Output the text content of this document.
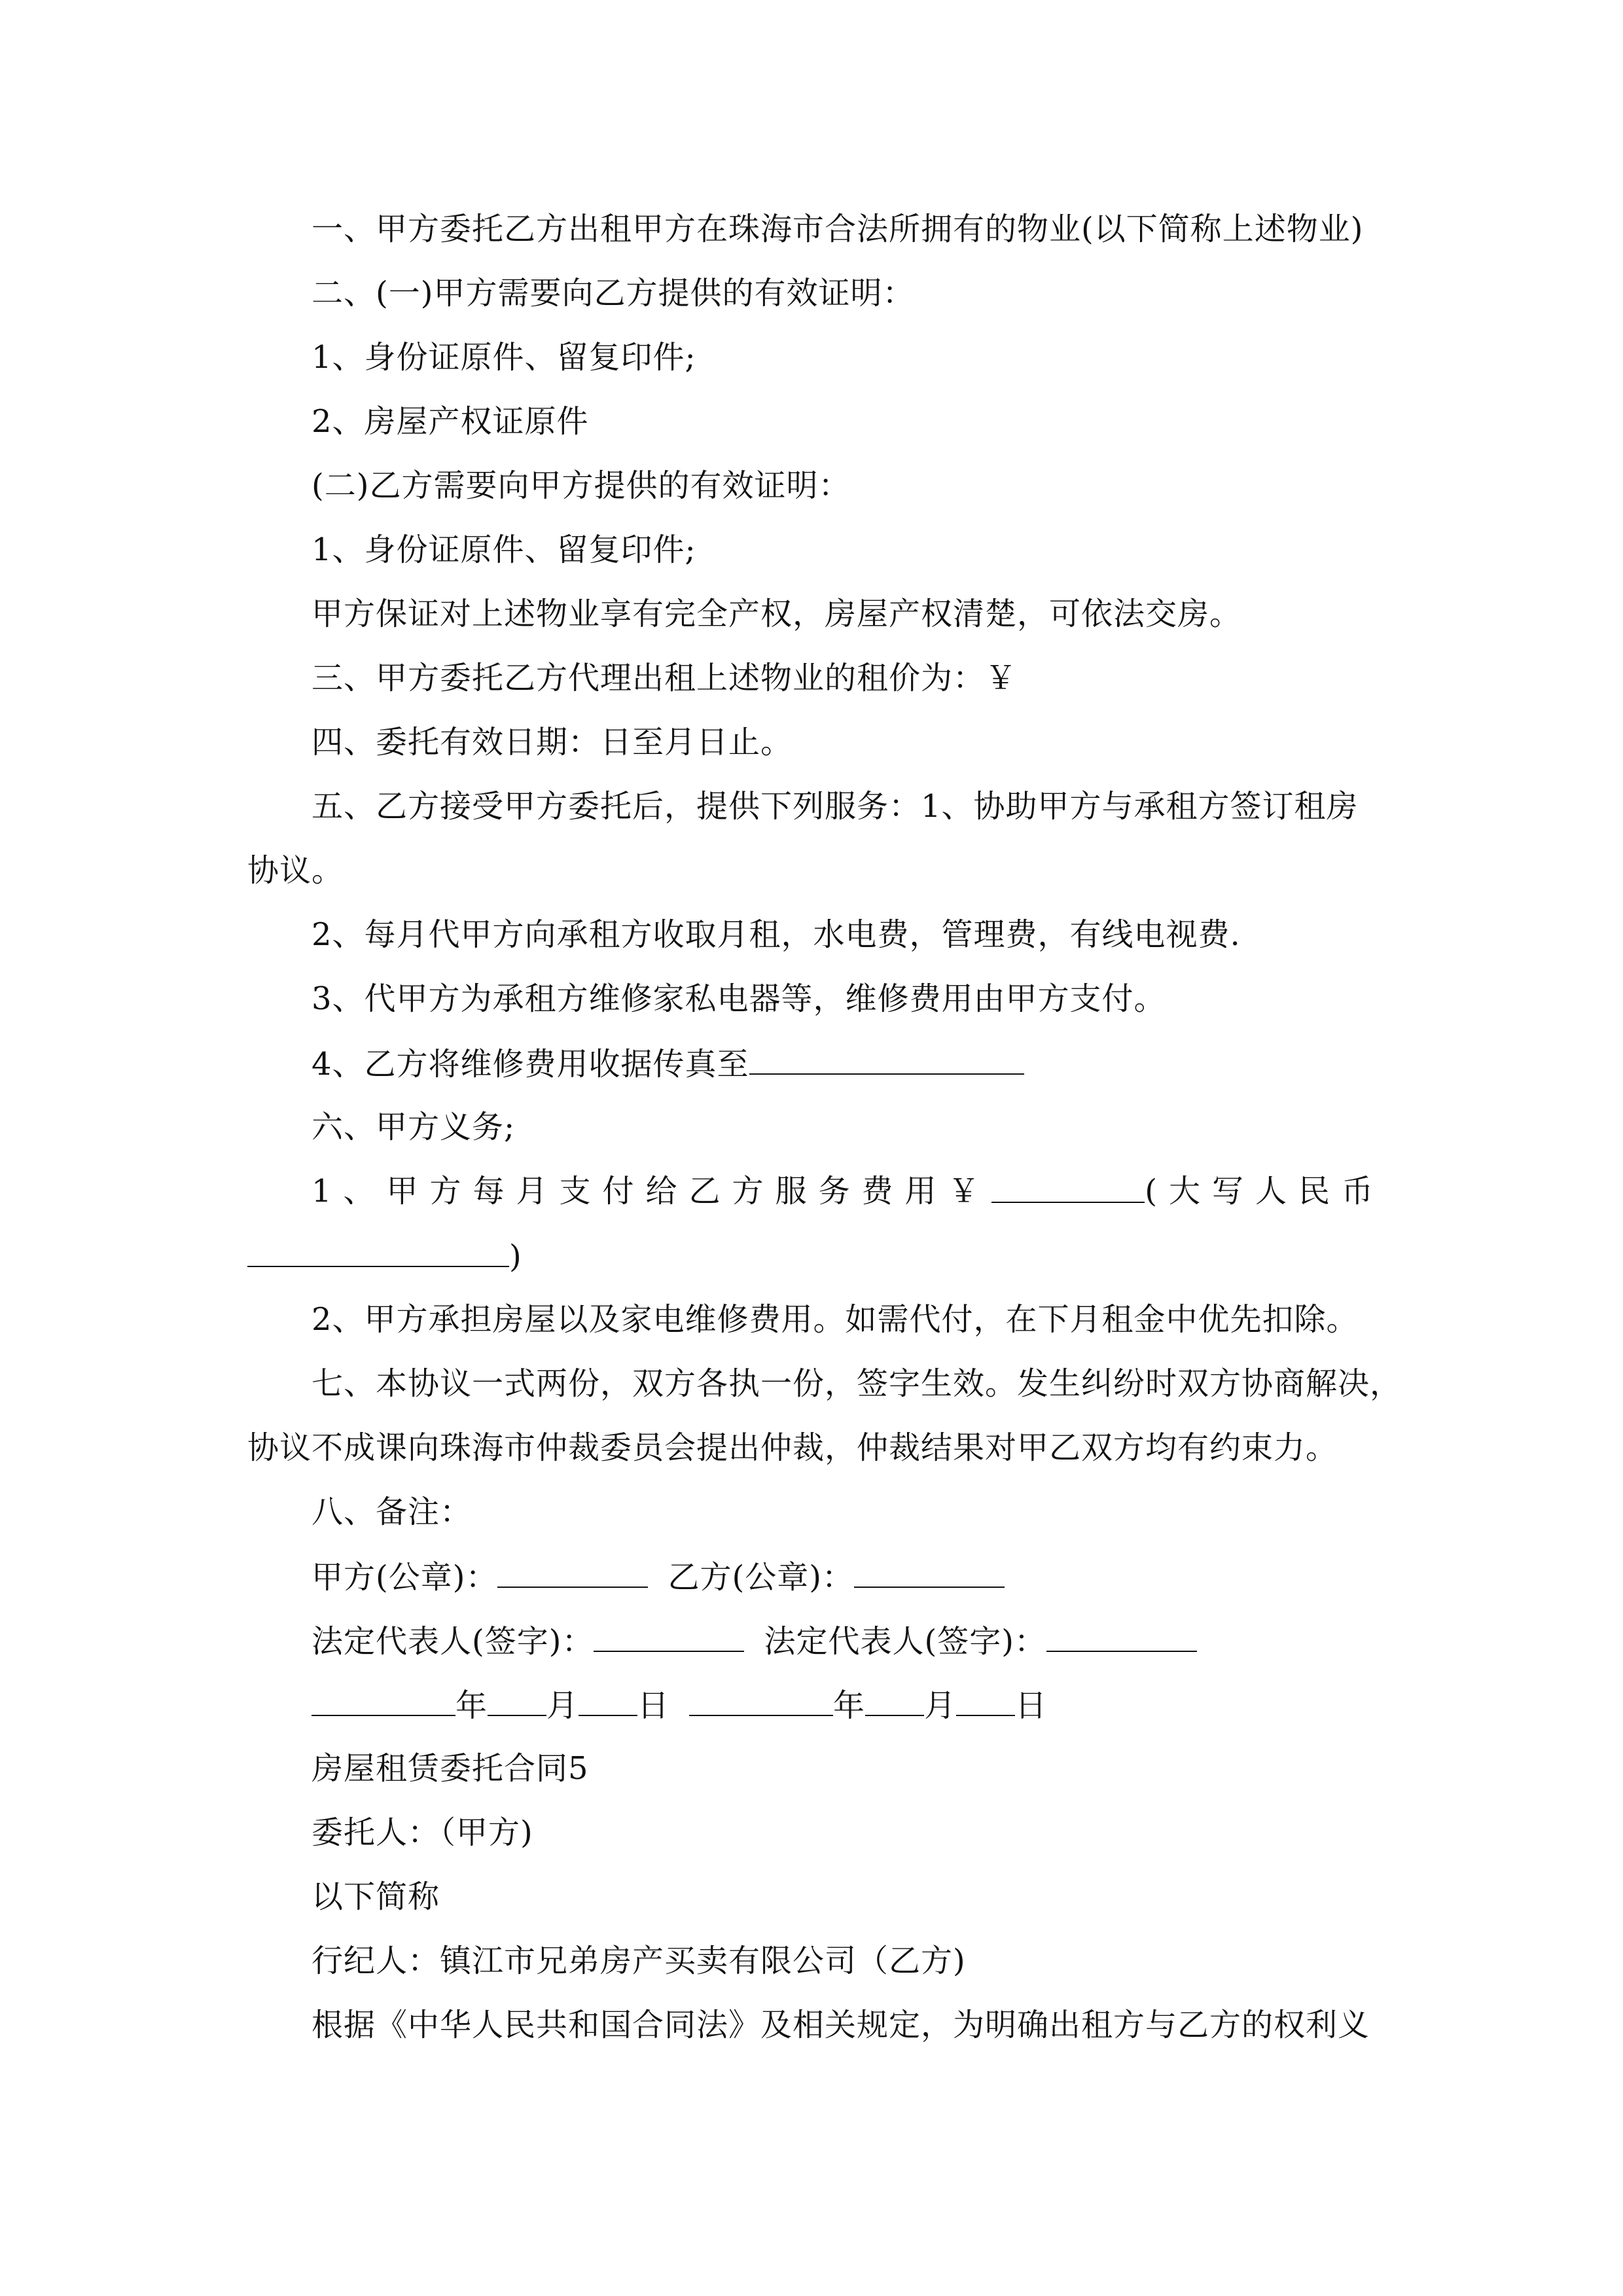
一、甲方委托乙方出租甲方在珠海市合法所拥有的物业(以下简称上述物业)
二、(一)甲方需要向乙方提供的有效证明：
1、身份证原件、留复印件;
2、房屋产权证原件
(二)乙方需要向甲方提供的有效证明：
1、身份证原件、留复印件;
甲方保证对上述物业享有完全产权，房屋产权清楚，可依法交房。
三、甲方委托乙方代理出租上述物业的租价为：￥
四、委托有效日期：日至月日止。
五、乙方接受甲方委托后，提供下列服务：1、协助甲方与承租方签订租房
协议。
2、每月代甲方向承租方收取月租，水电费，管理费，有线电视费.
3、代甲方为承租方维修家私电器等，维修费用由甲方支付。
4、乙方将维修费用收据传真至
六、甲方义务;
1、甲方每月支付给乙方服务费用￥	(大写人民币
)
2、甲方承担房屋以及家电维修费用。如需代付，在下月租金中优先扣除。
七、本协议一式两份，双方各执一份，签字生效。发生纠纷时双方协商解决，
协议不成课向珠海市仲裁委员会提出仲裁，仲裁结果对甲乙双方均有约束力。
八、备注：
甲方(公章)：	乙方(公章)：
法定代表人(签字)：	法定代表人(签字)：
年 月 日	年 月 日
房屋租赁委托合同5
委托人：（甲方)
以下简称
行纪人：镇江市兄弟房产买卖有限公司（乙方)
根据《中华人民共和国合同法》及相关规定，为明确出租方与乙方的权利义
